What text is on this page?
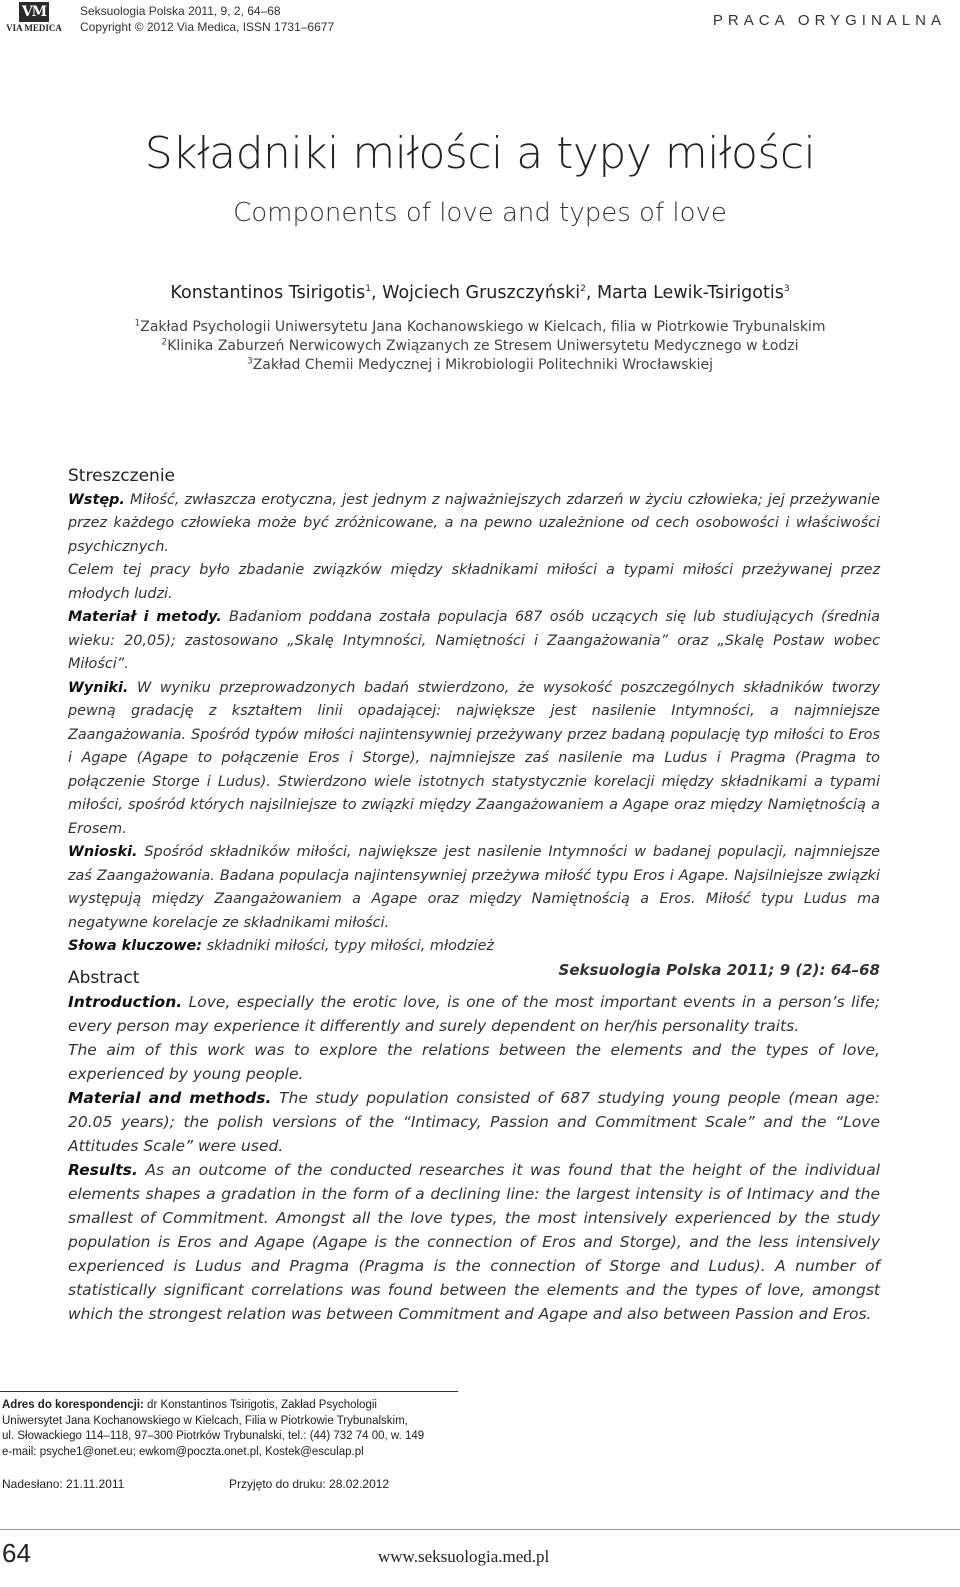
VM
VIA MEDICA
Seksuologia Polska 2011, 9, 2, 64–68
Copyright © 2012 Via Medica, ISSN 1731–6677	PRACA ORYGINALNA
Składniki miłości a typy miłości
Components of love and types of love
Konstantinos Tsirigotis$^1$, Wojciech Gruszczyński$^2$, Marta Lewik-Tsirigotis$^3$
$^1$Zakład Psychologii Uniwersytetu Jana Kochanowskiego w Kielcach, filia w Piotrkowie Trybunalskim
$^2$Klinika Zaburzeń Nerwicowych Związanych ze Stresem Uniwersytetu Medycznego w Łodzi
$^3$Zakład Chemii Medycznej i Mikrobiologii Politechniki Wrocławskiej
Streszczenie

Wstęp. Miłość, zwłaszcza erotyczna, jest jednym z najważniejszych zdarzeń w życiu człowieka; jej przeżywanie przez każdego człowieka może być zróżnicowane, a na pewno uzależnione od cech osobowości i właściwości psychicznych.

Celem tej pracy było zbadanie związków między składnikami miłości a typami miłości przeżywanej przez młodych ludzi.

Materiał i metody. Badaniom poddana została populacja 687 osób uczących się lub studiujących (średnia wieku: 20,05); zastosowano „Skalę Intymności, Namiętności i Zaangażowania” oraz „Skalę Postaw wobec Miłości”.

Wyniki. W wyniku przeprowadzonych badań stwierdzono, że wysokość poszczególnych składników tworzy pewną gradację z kształtem linii opadającej: największe jest nasilenie Intymności, a najmniejsze Zaangażowania. Spośród typów miłości najintensywniej przeżywany przez badaną populację typ miłości to Eros i Agape (Agape to połączenie Eros i Storge), najmniejsze zaś nasilenie ma Ludus i Pragma (Pragma to połączenie Storge i Ludus). Stwierdzono wiele istotnych statystycznie korelacji między składnikami a typami miłości, spośród których najsilniejsze to związki między Zaangażowaniem a Agape oraz między Namiętnością a Erosem.

Wnioski. Spośród składników miłości, największe jest nasilenie Intymności w badanej populacji, najmniejsze zaś Zaangażowania. Badana populacja najintensywniej przeżywa miłość typu Eros i Agape. Najsilniejsze związki występują między Zaangażowaniem a Agape oraz między Namiętnością a Eros. Miłość typu Ludus ma negatywne korelacje ze składnikami miłości.

Słowa kluczowe: składniki miłości, typy miłości, młodzież

Seksuologia Polska 2011; 9 (2): 64–68
Abstract

Introduction. Love, especially the erotic love, is one of the most important events in a person’s life; every person may experience it differently and surely dependent on her/his personality traits.

The aim of this work was to explore the relations between the elements and the types of love, experienced by young people.

Material and methods. The study population consisted of 687 studying young people (mean age: 20.05 years); the polish versions of the “Intimacy, Passion and Commitment Scale” and the “Love Attitudes Scale” were used.

Results. As an outcome of the conducted researches it was found that the height of the individual elements shapes a gradation in the form of a declining line: the largest intensity is of Intimacy and the smallest of Commitment. Amongst all the love types, the most intensively experienced by the study population is Eros and Agape (Agape is the connection of Eros and Storge), and the less intensively experienced is Ludus and Pragma (Pragma is the connection of Storge and Ludus). A number of statistically significant correlations was found between the elements and the types of love, amongst which the strongest relation was between Commitment and Agape and also between Passion and Eros.

Adres do korespondencji: dr Konstantinos Tsirigotis, Zakład Psychologii
Uniwersytet Jana Kochanowskiego w Kielcach, Filia w Piotrkowie Trybunalskim,
ul. Słowackiego 114–118, 97–300 Piotrków Trybunalski, tel.: (44) 732 74 00, w. 149
e-mail: psyche1@onet.eu; ewkom@poczta.onet.pl, Kostek@esculap.pl
Nadesłano: 21.11.2011	Przyjęto do druku: 28.02.2012
64	www.seksuologia.med.pl
